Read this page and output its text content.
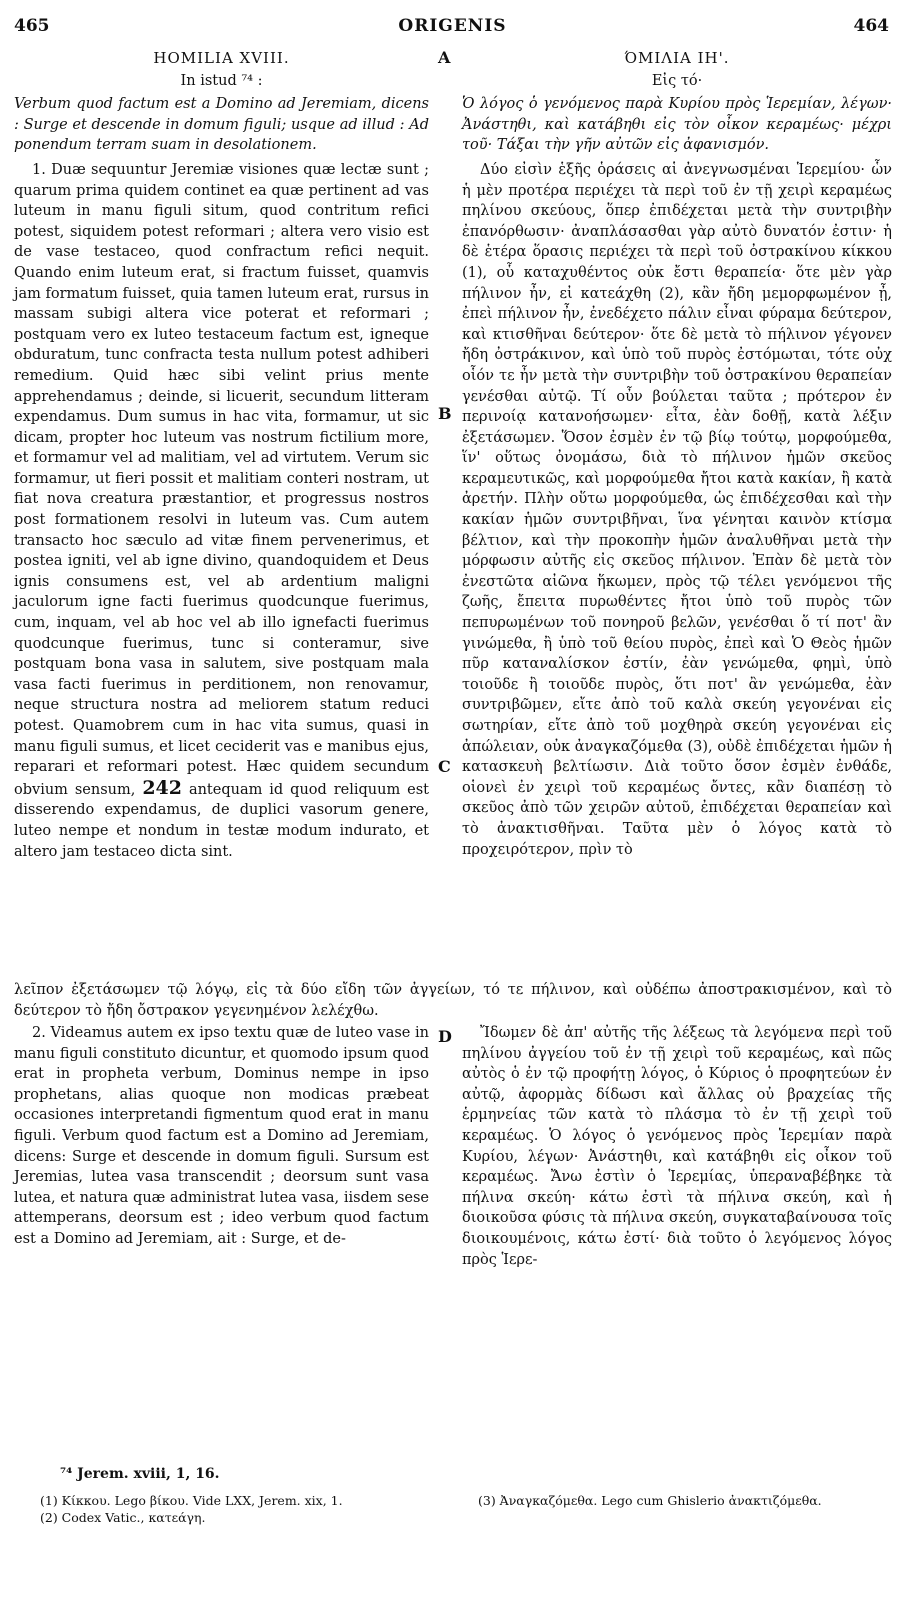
465	ORIGENIS	464
A
B
C
D

HOMILIA XVIII.

In istud ⁷⁴ :

Verbum quod factum est a Domino ad Jeremiam, dicens : Surge et descende in domum figuli; usque ad illud : Ad ponendum terram suam in desolationem.

1. Duæ sequuntur Jeremiæ visiones quæ lectæ sunt ; quarum prima quidem continet ea quæ pertinent ad vas luteum in manu figuli situm, quod contritum refici potest, siquidem potest reformari ; altera vero visio est de vase testaceo, quod confractum refici nequit. Quando enim luteum erat, si fractum fuisset, quamvis jam formatum fuisset, quia tamen luteum erat, rursus in massam subigi altera vice poterat et reformari ; postquam vero ex luteo testaceum factum est, igneque obduratum, tunc confracta testa nullum potest adhiberi remedium. Quid hæc sibi velint prius mente apprehendamus ; deinde, si licuerit, secundum litteram expendamus. Dum sumus in hac vita, formamur, ut sic dicam, propter hoc luteum vas nostrum fictilium more, et formamur vel ad malitiam, vel ad virtutem. Verum sic formamur, ut fieri possit et malitiam conteri nostram, ut fiat nova creatura præstantior, et progressus nostros post formationem resolvi in luteum vas. Cum autem transacto hoc sæculo ad vitæ finem pervenerimus, et postea igniti, vel ab igne divino, quandoquidem et Deus ignis consumens est, vel ab ardentium maligni jaculorum igne facti fuerimus quodcunque fuerimus, cum, inquam, vel ab hoc vel ab illo ignefacti fuerimus quodcunque fuerimus, tunc si conteramur, sive postquam bona vasa in salutem, sive postquam mala vasa facti fuerimus in perditionem, non renovamur, neque structura nostra ad meliorem statum reduci potest. Quamobrem cum in hac vita sumus, quasi in manu figuli sumus, et licet ceciderit vas e manibus ejus, reparari et reformari potest. Hæc quidem secundum obvium sensum, 242 antequam id quod reliquum est disserendo expendamus, de duplici vasorum genere, luteo nempe et nondum in testæ modum indurato, et altero jam testaceo dicta sint.

ΌΜΙΛΙΑ ΙΗ'.

Εἰς τό·

Ὁ λόγος ὁ γενόμενος παρὰ Κυρίου πρὸς Ἱερεμίαν, λέγων· Ἀνάστηθι, καὶ κατάβηθι εἰς τὸν οἶκον κεραμέως· μέχρι τοῦ· Τάξαι τὴν γῆν αὐτῶν εἰς ἀφανισμόν.

Δύο εἰσὶν ἑξῆς ὁράσεις αἱ ἀνεγνωσμέναι Ἱερεμίου· ὧν ἡ μὲν προτέρα περιέχει τὰ περὶ τοῦ ἐν τῇ χειρὶ κεραμέως πηλίνου σκεύους, ὅπερ ἐπιδέχεται μετὰ τὴν συντριβὴν ἐπανόρθωσιν· ἀναπλάσασθαι γὰρ αὐτὸ δυνατόν ἐστιν· ἡ δὲ ἑτέρα ὅρασις περιέχει τὰ περὶ τοῦ ὀστρακίνου κίκκου (1), οὗ καταχυθέντος οὐκ ἔστι θεραπεία· ὅτε μὲν γὰρ πήλινον ἦν, εἰ κατεάχθη (2), κἂν ἤδη μεμορφωμένον ᾖ, ἐπεὶ πήλινον ἦν, ἐνεδέχετο πάλιν εἶναι φύραμα δεύτερον, καὶ κτισθῆναι δεύτερον· ὅτε δὲ μετὰ τὸ πήλινον γέγονεν ἤδη ὀστράκινον, καὶ ὑπὸ τοῦ πυρὸς ἐστόμωται, τότε οὐχ οἷόν τε ἦν μετὰ τὴν συντριβὴν τοῦ ὀστρακίνου θεραπείαν γενέσθαι αὐτῷ. Τί οὖν βούλεται ταῦτα ; πρότερον ἐν περινοίᾳ κατανοήσωμεν· εἶτα, ἐὰν δοθῇ, κατὰ λέξιν ἐξετάσωμεν. Ὅσον ἐσμὲν ἐν τῷ βίῳ τούτῳ, μορφούμεθα, ἵν' οὕτως ὀνομάσω, διὰ τὸ πήλινον ἡμῶν σκεῦος κεραμευτικῶς, καὶ μορφούμεθα ἤτοι κατὰ κακίαν, ἢ κατὰ ἀρετήν. Πλὴν οὕτω μορφούμεθα, ὡς ἐπιδέχεσθαι καὶ τὴν κακίαν ἡμῶν συντριβῆναι, ἵνα γένηται καινὸν κτίσμα βέλτιον, καὶ τὴν προκοπὴν ἡμῶν ἀναλυθῆναι μετὰ τὴν μόρφωσιν αὐτῆς εἰς σκεῦος πήλινον. Ἐπὰν δὲ μετὰ τὸν ἐνεστῶτα αἰῶνα ἥκωμεν, πρὸς τῷ τέλει γενόμενοι τῆς ζωῆς, ἔπειτα πυρωθέντες ἤτοι ὑπὸ τοῦ πυρὸς τῶν πεπυρωμένων τοῦ πονηροῦ βελῶν, γενέσθαι ὅ τί ποτ' ἂν γινώμεθα, ἢ ὑπὸ τοῦ θείου πυρὸς, ἐπεὶ καὶ Ὁ Θεὸς ἡμῶν πῦρ καταναλίσκον ἐστίν, ἐὰν γενώμεθα, φημὶ, ὑπὸ τοιοῦδε ἢ τοιοῦδε πυρὸς, ὅτι ποτ' ἂν γενώμεθα, ἐὰν συντριβῶμεν, εἴτε ἀπὸ τοῦ καλὰ σκεύη γεγονέναι εἰς σωτηρίαν, εἴτε ἀπὸ τοῦ μοχθηρὰ σκεύη γεγονέναι εἰς ἀπώλειαν, οὐκ ἀναγκαζόμεθα (3), οὐδὲ ἐπιδέχεται ἡμῶν ἡ κατασκευὴ βελτίωσιν. Διὰ τοῦτο ὅσον ἐσμὲν ἐνθάδε, οἱονεὶ ἐν χειρὶ τοῦ κεραμέως ὄντες, κἂν διαπέσῃ τὸ σκεῦος ἀπὸ τῶν χειρῶν αὐτοῦ, ἐπιδέχεται θεραπείαν καὶ τὸ ἀνακτισθῆναι. Ταῦτα μὲν ὁ λόγος κατὰ τὸ προχειρότερον, πρὶν τὸ

λεῖπον ἐξετάσωμεν τῷ λόγῳ, εἰς τὰ δύο εἴδη τῶν ἀγγείων, τό τε πήλινον, καὶ οὐδέπω ἀποστρακισμένον, καὶ τὸ δεύτερον τὸ ἤδη ὄστρακον γεγενημένον λελέχθω.

2. Videamus autem ex ipso textu quæ de luteo vase in manu figuli constituto dicuntur, et quomodo ipsum quod erat in propheta verbum, Dominus nempe in ipso prophetans, alias quoque non modicas præbeat occasiones interpretandi figmentum quod erat in manu figuli. Verbum quod factum est a Domino ad Jeremiam, dicens: Surge et descende in domum figuli. Sursum est Jeremias, lutea vasa transcendit ; deorsum sunt vasa lutea, et natura quæ administrat lutea vasa, iisdem sese attemperans, deorsum est ; ideo verbum quod factum est a Domino ad Jeremiam, ait : Surge, et de-

Ἴδωμεν δὲ ἀπ' αὐτῆς τῆς λέξεως τὰ λεγόμενα περὶ τοῦ πηλίνου ἀγγείου τοῦ ἐν τῇ χειρὶ τοῦ κεραμέως, καὶ πῶς αὐτὸς ὁ ἐν τῷ προφήτῃ λόγος, ὁ Κύριος ὁ προφητεύων ἐν αὐτῷ, ἀφορμὰς δίδωσι καὶ ἄλλας οὐ βραχείας τῆς ἑρμηνείας τῶν κατὰ τὸ πλάσμα τὸ ἐν τῇ χειρὶ τοῦ κεραμέως. Ὁ λόγος ὁ γενόμενος πρὸς Ἱερεμίαν παρὰ Κυρίου, λέγων· Ἀνάστηθι, καὶ κατάβηθι εἰς οἶκον τοῦ κεραμέως. Ἄνω ἐστὶν ὁ Ἱερεμίας, ὑπεραναβέβηκε τὰ πήλινα σκεύη· κάτω ἐστὶ τὰ πήλινα σκεύη, καὶ ἡ διοικοῦσα φύσις τὰ πήλινα σκεύη, συγκαταβαίνουσα τοῖς διοικουμένοις, κάτω ἐστί· διὰ τοῦτο ὁ λεγόμενος λόγος πρὸς Ἱερε-

⁷⁴ Jerem. xviii, 1, 16.
(1) Κίκκου. Lego βίκου. Vide LXX, Jerem. xix, 1.
(2) Codex Vatic., κατεάγη.
(3) Ἀναγκαζόμεθα. Lego cum Ghislerio ἀνακτιζόμεθα.
